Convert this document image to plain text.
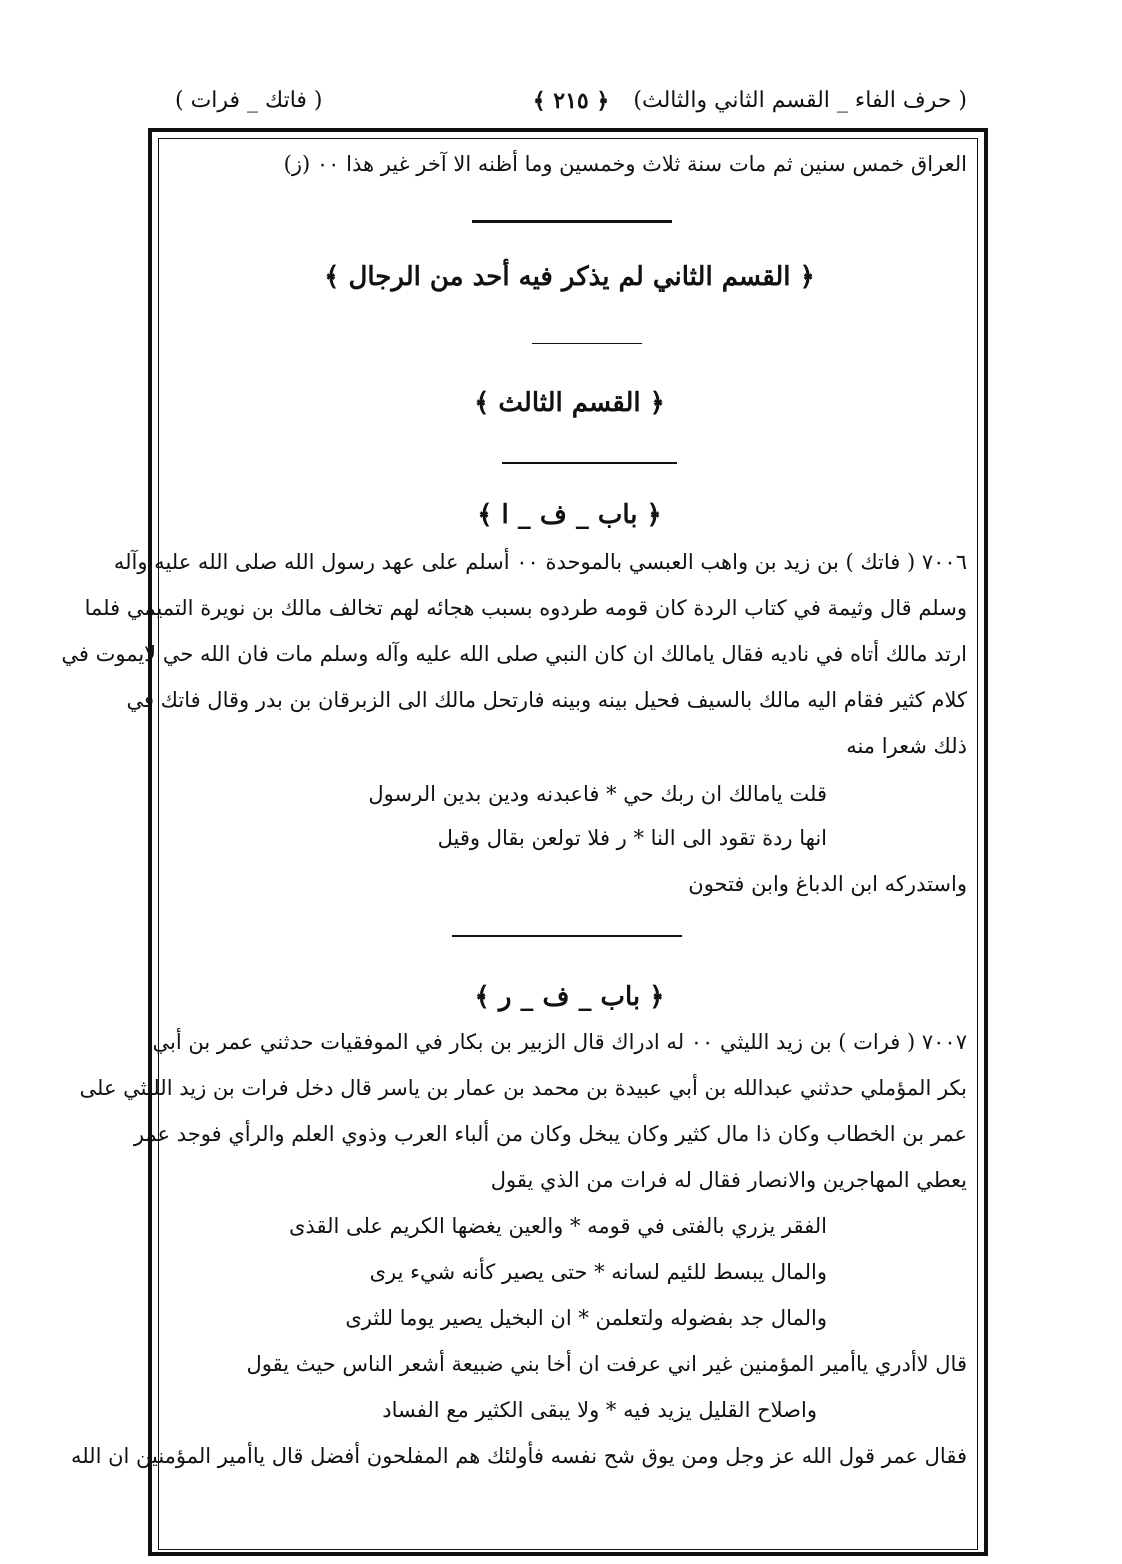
( حرف الفاء _ القسم الثاني والثالث)
﴿ ٢١٥ ﴾
( فاتك _ فرات )
العراق خمس سنين ثم مات سنة ثلاث وخمسين وما أظنه الا آخر غير هذا ٠٠ (ز)
﴿ القسم الثاني لم يذكر فيه أحد من الرجال ﴾
﴿ القسم الثالث ﴾
﴿ باب _ ف _ ا ﴾
٧٠٠٦ ( فاتك ) بن زيد بن واهب العبسي بالموحدة ٠٠ أسلم على عهد رسول الله صلى الله عليه وآله
وسلم قال وثيمة في كتاب الردة كان قومه طردوه بسبب هجائه لهم تخالف مالك بن نويرة التميمي فلما
ارتد مالك أتاه في ناديه فقال يامالك ان كان النبي صلى الله عليه وآله وسلم مات فان الله حي لايموت في
كلام كثير فقام اليه مالك بالسيف فحيل بينه وبينه فارتحل مالك الى الزبرقان بن بدر وقال فاتك في
ذلك شعرا منه
قلت يامالك ان ربك حي * فاعبدنه ودين بدين الرسول
انها ردة تقود الى النا * ر فلا تولعن بقال وقيل
واستدركه ابن الدباغ وابن فتحون
﴿ باب _ ف _ ر ﴾
٧٠٠٧ ( فرات ) بن زيد الليثي ٠٠ له ادراك قال الزبير بن بكار في الموفقيات حدثني عمر بن أبي
بكر المؤملي حدثني عبدالله بن أبي عبيدة بن محمد بن عمار بن ياسر قال دخل فرات بن زيد الليثي على
عمر بن الخطاب وكان ذا مال كثير وكان يبخل وكان من ألباء العرب وذوي العلم والرأي فوجد عمر
يعطي المهاجرين والانصار فقال له فرات من الذي يقول
الفقر يزري بالفتى في قومه * والعين يغضها الكريم على القذى
والمال يبسط للئيم لسانه * حتى يصير كأنه شيء يرى
والمال جد بفضوله ولتعلمن * ان البخيل يصير يوما للثرى
قال لاأدري ياأمير المؤمنين غير اني عرفت ان أخا بني ضبيعة أشعر الناس حيث يقول
واصلاح القليل يزيد فيه * ولا يبقى الكثير مع الفساد
فقال عمر قول الله عز وجل ومن يوق شح نفسه فأولئك هم المفلحون أفضل قال ياأمير المؤمنين ان الله
